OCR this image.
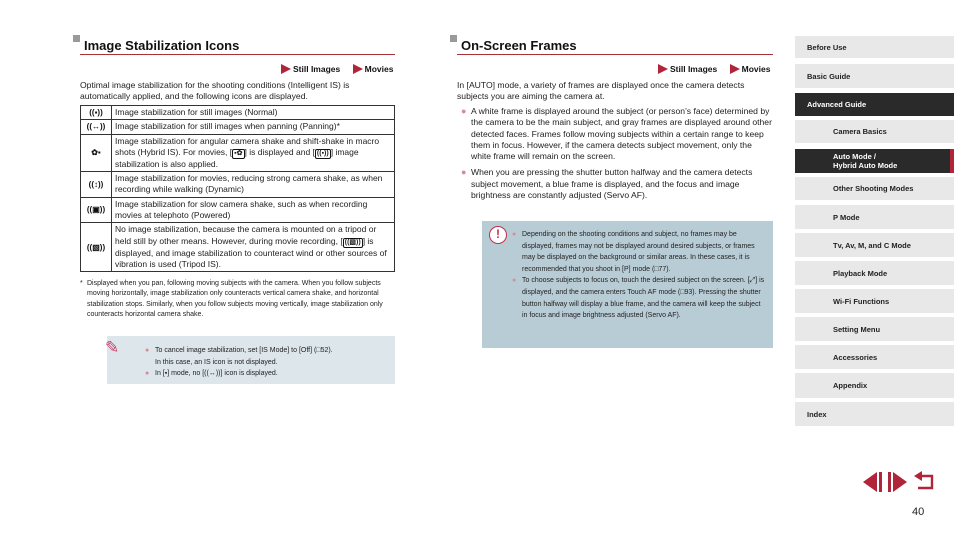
Image Stabilization Icons
Still Images	Movies
Optimal image stabilization for the shooting conditions (Intelligent IS) is automatically applied, and the following icons are displayed.
((▪))	Image stabilization for still images (Normal)
((↔))	Image stabilization for still images when panning (Panning)*
✿▪	Image stabilization for angular camera shake and shift-shake in macro shots (Hybrid IS). For movies, [ ▪✿ ] is displayed and [ ((▪)) ] image stabilization is also applied.
((↕))	Image stabilization for movies, reducing strong camera shake, as when recording while walking (Dynamic)
((▣))	Image stabilization for slow camera shake, such as when recording movies at telephoto (Powered)
((▧))	No image stabilization, because the camera is mounted on a tripod or held still by other means. However, during movie recording, [ ((▧)) ] is displayed, and image stabilization to counteract wind or other sources of vibration is used (Tripod IS).
* Displayed when you pan, following moving subjects with the camera. When you follow subjects moving horizontally, image stabilization only counteracts vertical camera shake, and horizontal stabilization stops. Similarly, when you follow subjects moving vertically, image stabilization only counteracts horizontal camera shake.
✎	● To cancel image stabilization, set [IS Mode] to [Off] (□52).
In this case, an IS icon is not displayed.
● In [▪] mode, no [((↔))] icon is displayed.
On-Screen Frames
Still Images	Movies
In [AUTO] mode, a variety of frames are displayed once the camera detects subjects you are aiming the camera at.
● A white frame is displayed around the subject (or person’s face) determined by the camera to be the main subject, and gray frames are displayed around other detected faces. Frames follow moving subjects within a certain range to keep them in focus. However, if the camera detects subject movement, only the white frame will remain on the screen.
● When you are pressing the shutter button halfway and the camera detects subject movement, a blue frame is displayed, and the focus and image brightness are constantly adjusted (Servo AF).
!	● Depending on the shooting conditions and subject, no frames may be displayed, frames may not be displayed around desired subjects, or frames may be displayed on the background or similar areas. In these cases, it is recommended that you shoot in [P] mode (□77).
● To choose subjects to focus on, touch the desired subject on the screen. [⤢] is displayed, and the camera enters Touch AF mode (□93). Pressing the shutter button halfway will display a blue frame, and the camera will keep the subject in focus and image brightness adjusted (Servo AF).
Before Use
Basic Guide
Advanced Guide
Camera Basics
Auto Mode /
Hybrid Auto Mode
Other Shooting Modes
P Mode
Tv, Av, M, and C Mode
Playback Mode
Wi-Fi Functions
Setting Menu
Accessories
Appendix
Index
40
